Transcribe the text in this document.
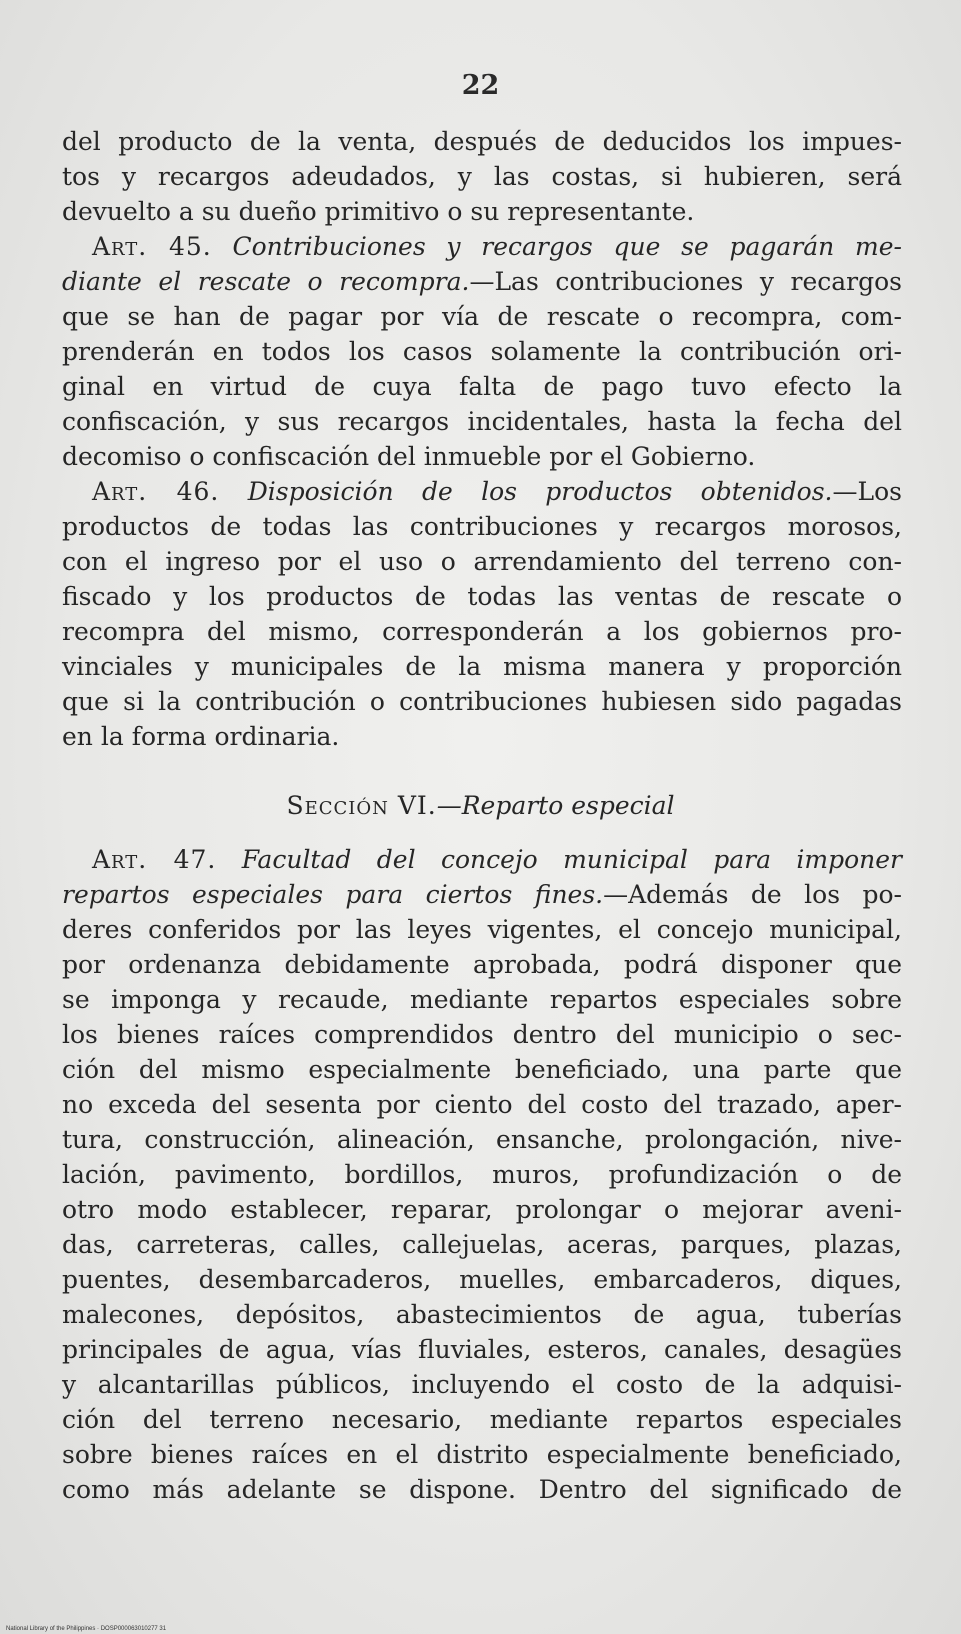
22
del producto de la venta, después de deducidos los impues-
tos y recargos adeudados, y las costas, si hubieren, será
devuelto a su dueño primitivo o su representante.
Art. 45. Contribuciones y recargos que se pagarán me-
diante el rescate o recompra.—Las contribuciones y recargos
que se han de pagar por vía de rescate o recompra, com-
prenderán en todos los casos solamente la contribución ori-
ginal en virtud de cuya falta de pago tuvo efecto la
confiscación, y sus recargos incidentales, hasta la fecha del
decomiso o confiscación del inmueble por el Gobierno.
Art. 46. Disposición de los productos obtenidos.—Los
productos de todas las contribuciones y recargos morosos,
con el ingreso por el uso o arrendamiento del terreno con-
fiscado y los productos de todas las ventas de rescate o
recompra del mismo, corresponderán a los gobiernos pro-
vinciales y municipales de la misma manera y proporción
que si la contribución o contribuciones hubiesen sido pagadas
en la forma ordinaria.
Sección VI.—Reparto especial
Art. 47. Facultad del concejo municipal para imponer
repartos especiales para ciertos fines.—Además de los po-
deres conferidos por las leyes vigentes, el concejo municipal,
por ordenanza debidamente aprobada, podrá disponer que
se imponga y recaude, mediante repartos especiales sobre
los bienes raíces comprendidos dentro del municipio o sec-
ción del mismo especialmente beneficiado, una parte que
no exceda del sesenta por ciento del costo del trazado, aper-
tura, construcción, alineación, ensanche, prolongación, nive-
lación, pavimento, bordillos, muros, profundización o de
otro modo establecer, reparar, prolongar o mejorar aveni-
das, carreteras, calles, callejuelas, aceras, parques, plazas,
puentes, desembarcaderos, muelles, embarcaderos, diques,
malecones, depósitos, abastecimientos de agua, tuberías
principales de agua, vías fluviales, esteros, canales, desagües
y alcantarillas públicos, incluyendo el costo de la adquisi-
ción del terreno necesario, mediante repartos especiales
sobre bienes raíces en el distrito especialmente beneficiado,
como más adelante se dispone. Dentro del significado de
National Library of the Philippines · DOSP000063010277 31
